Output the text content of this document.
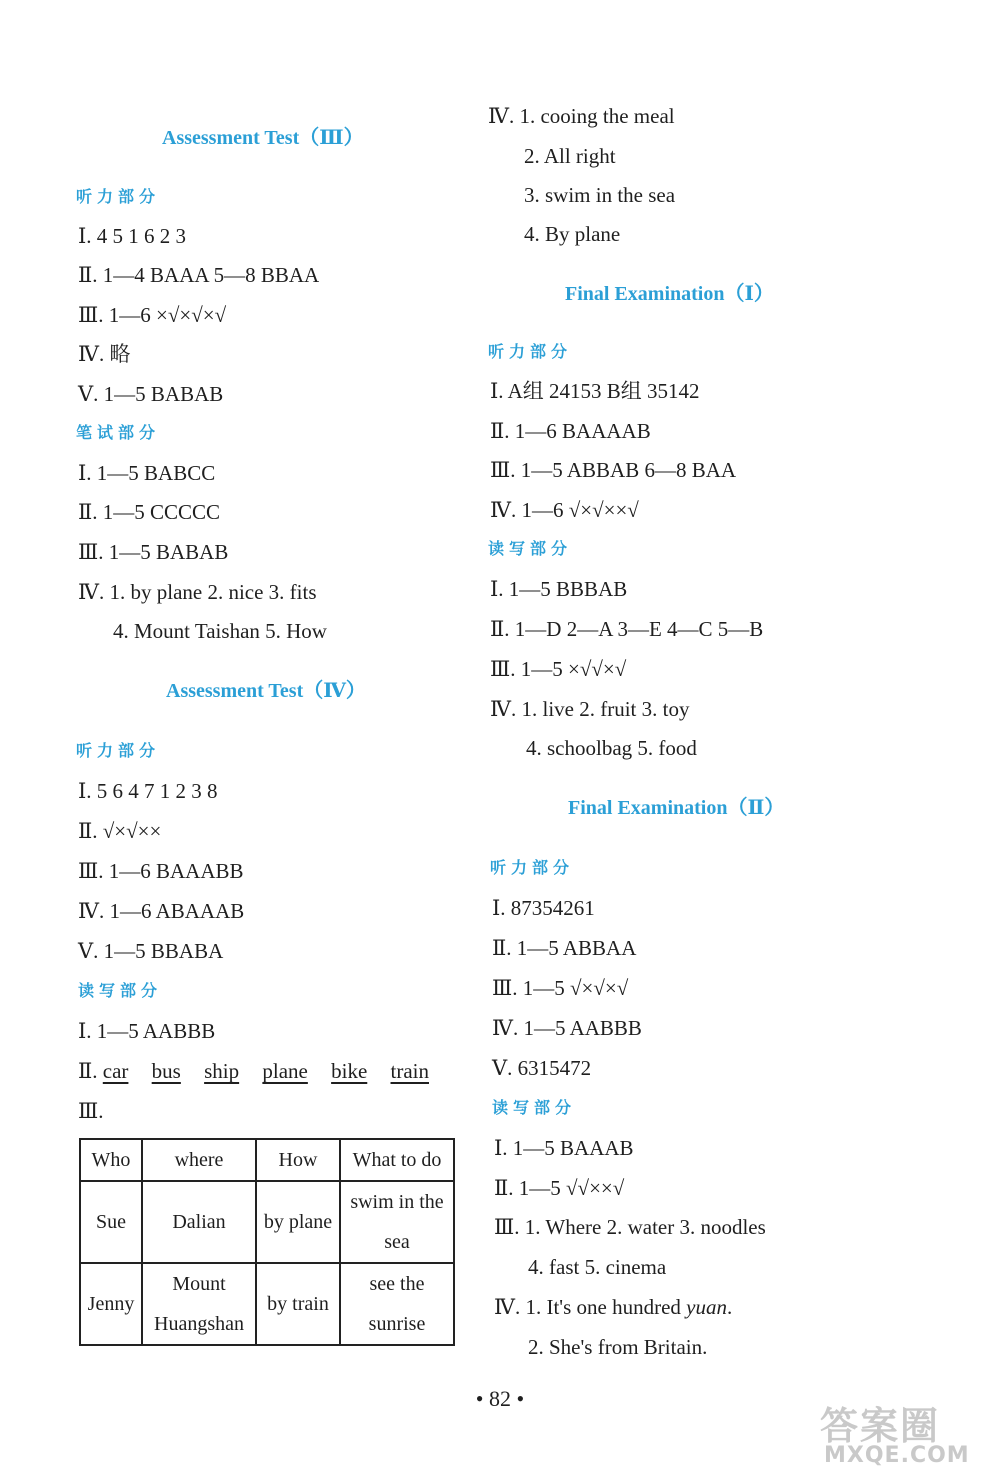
Assessment Test（Ⅲ）
听力部分
Ⅰ. 4 5 1 6 2 3
Ⅱ. 1—4 BAAA 5—8 BBAA
Ⅲ. 1—6 ×√×√×√
Ⅳ. 略
Ⅴ. 1—5 BABAB
笔试部分
Ⅰ. 1—5 BABCC
Ⅱ. 1—5 CCCCC
Ⅲ. 1—5 BABAB
Ⅳ. 1. by plane 2. nice 3. fits
4. Mount Taishan 5. How
Assessment Test（Ⅳ）
听力部分
Ⅰ. 5 6 4 7 1 2 3 8
Ⅱ. √×√××
Ⅲ. 1—6 BAAABB
Ⅳ. 1—6 ABAAAB
Ⅴ. 1—5 BBABA
读写部分
Ⅰ. 1—5 AABBB
Ⅱ. car bus ship plane bike train
Ⅲ.
Who	where	How	What to do
Sue	Dalian	by plane	swim in the sea
Jenny	Mount Huangshan	by train	see the sunrise
Ⅳ. 1. cooing the meal
2. All right
3. swim in the sea
4. By plane
Final Examination（Ⅰ）
听力部分
Ⅰ. A组 24153 B组 35142
Ⅱ. 1—6 BAAAAB
Ⅲ. 1—5 ABBAB 6—8 BAA
Ⅳ. 1—6 √×√××√
读写部分
Ⅰ. 1—5 BBBAB
Ⅱ. 1—D 2—A 3—E 4—C 5—B
Ⅲ. 1—5 ×√√×√
Ⅳ. 1. live 2. fruit 3. toy
4. schoolbag 5. food
Final Examination（Ⅱ）
听力部分
Ⅰ. 87354261
Ⅱ. 1—5 ABBAA
Ⅲ. 1—5 √×√×√
Ⅳ. 1—5 AABBB
Ⅴ. 6315472
读写部分
Ⅰ. 1—5 BAAAB
Ⅱ. 1—5 √√××√
Ⅲ. 1. Where 2. water 3. noodles
4. fast 5. cinema
Ⅳ. 1. It's one hundred yuan.
2. She's from Britain.
• 82 •
答案圈
MXQE.COM
